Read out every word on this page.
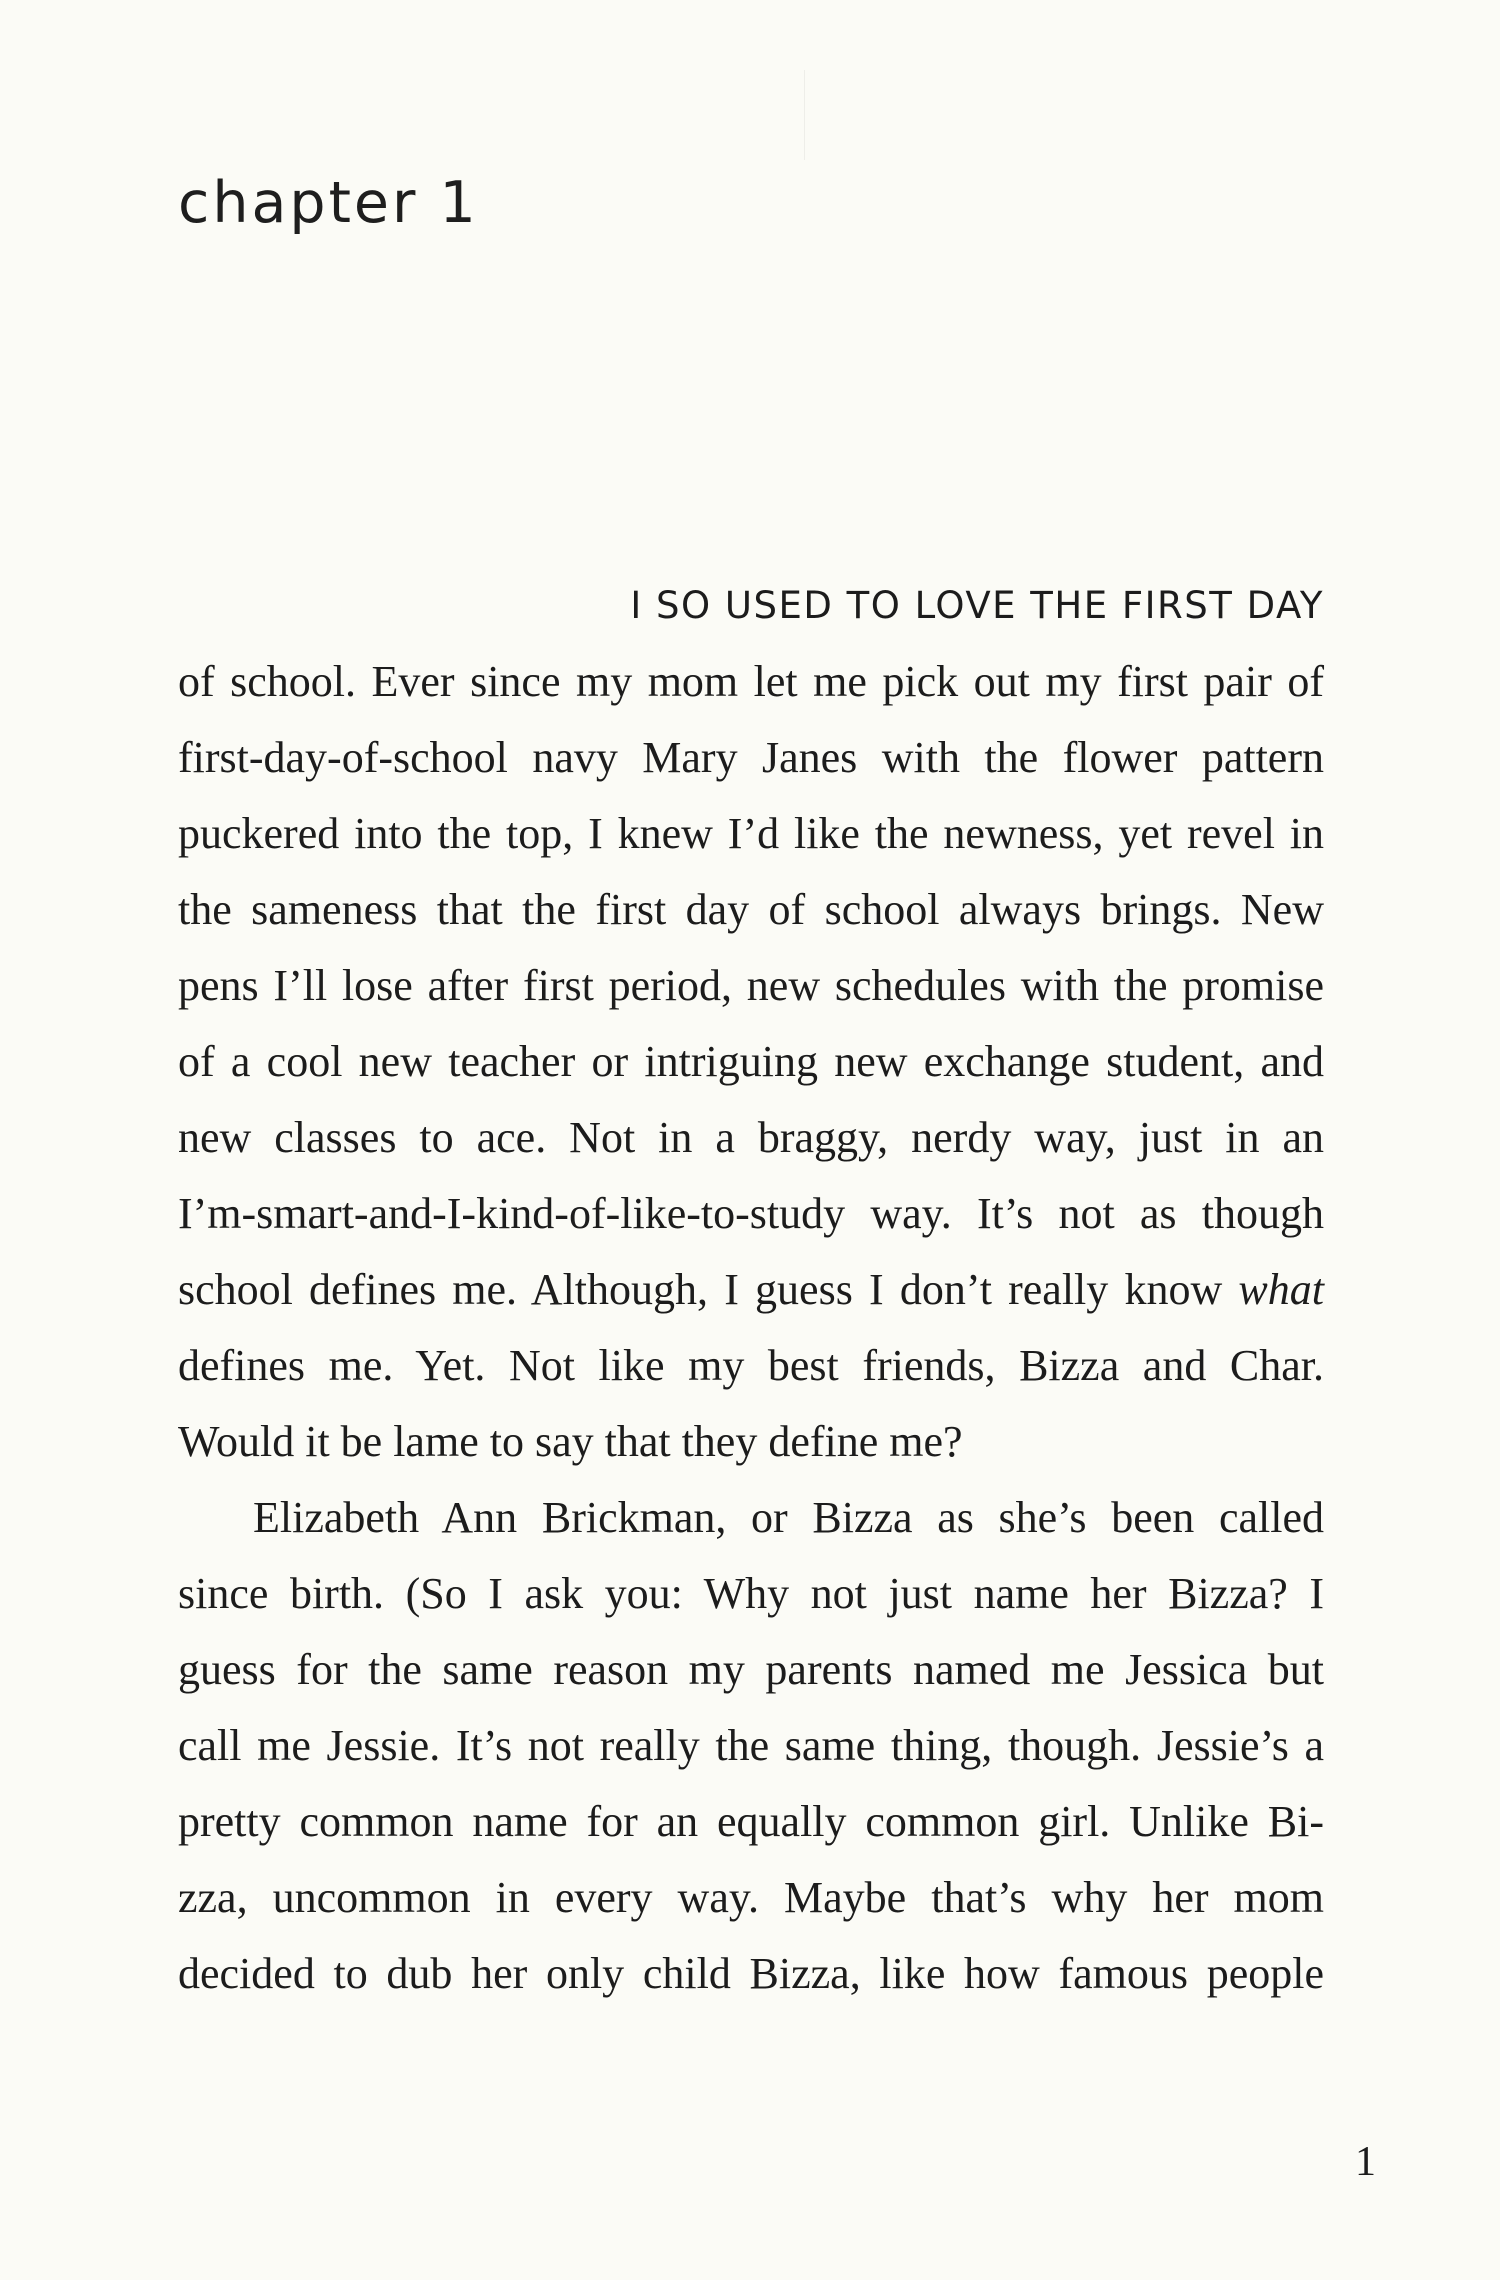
chapter 1
I SO USED TO LOVE THE FIRST DAY
of school. Ever since my mom let me pick out my first pair of
first-day-of-school navy Mary Janes with the flower pattern
puckered into the top, I knew I’d like the newness, yet revel in
the sameness that the first day of school always brings. New
pens I’ll lose after first period, new schedules with the promise
of a cool new teacher or intriguing new exchange student, and
new classes to ace. Not in a braggy, nerdy way, just in an
I’m-smart-and-I-kind-of-like-to-study way. It’s not as though
school defines me. Although, I guess I don’t really know what
defines me. Yet. Not like my best friends, Bizza and Char.
Would it be lame to say that they define me?
Elizabeth Ann Brickman, or Bizza as she’s been called
since birth. (So I ask you: Why not just name her Bizza? I
guess for the same reason my parents named me Jessica but
call me Jessie. It’s not really the same thing, though. Jessie’s a
pretty common name for an equally common girl. Unlike Bi-
zza, uncommon in every way. Maybe that’s why her mom
decided to dub her only child Bizza, like how famous people
1
